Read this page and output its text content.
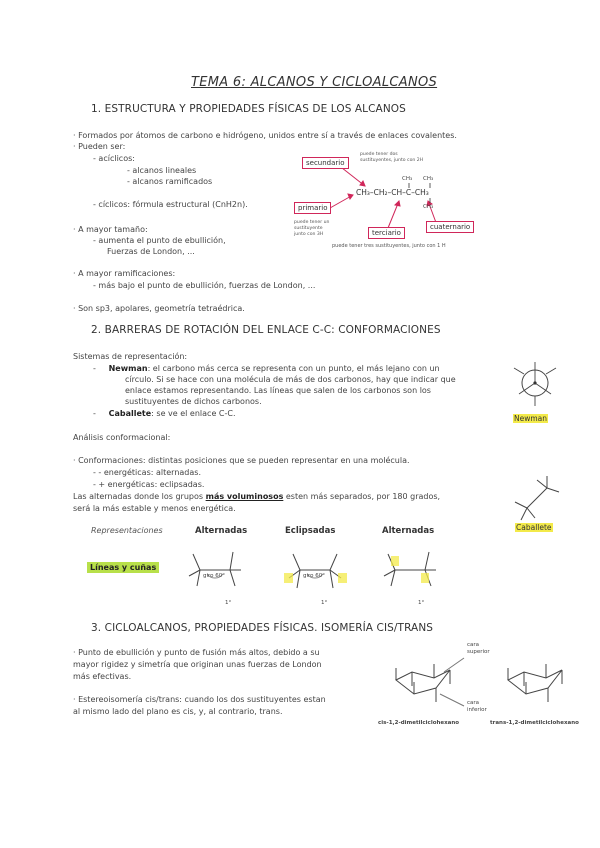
TEMA 6: ALCANOS Y CICLOALCANOS
1. ESTRUCTURA Y PROPIEDADES FÍSICAS DE LOS ALCANOS
· Formados por átomos de carbono e hidrógeno, unidos entre sí a través de enlaces covalentes.
· Pueden ser:
- acíclicos:
- alcanos lineales
- alcanos ramificados
- cíclicos: fórmula estructural (CnH2n).
· A mayor tamaño:
- aumenta el punto de ebullición,
Fuerzas de London, ...
· A mayor ramificaciones:
- más bajo el punto de ebullición, fuerzas de London, ...
· Son sp3, apolares, geometría tetraédrica.
secundario
puede tener dos
sustituyentes, junto con 2H
CH₃ CH₃
CH₃–CH₂–CH–C–CH₃
CH₃
primario
puede tener un
sustituyente
junto con 3H	terciario
cuaternario
puede tener tres sustituyentes, junto con 1 H
2. BARRERAS DE ROTACIÓN DEL ENLACE C-C: CONFORMACIONES
Sistemas de representación:
-     Newman: el carbono más cerca se representa con un punto, el más lejano con un
círculo. Si se hace con una molécula de más de dos carbonos, hay que indicar que
enlace estamos representando. Las líneas que salen de los carbonos son los
sustituyentes de dichos carbonos.
-     Caballete: se ve el enlace C-C.
Análisis conformacional:
· Conformaciones: distintas posiciones que se pueden representar en una molécula.
- - energéticas: alternadas.
- + energéticas: eclipsadas.
Las alternadas donde los grupos más voluminosos esten más separados, por 180 grados,
será la más estable y menos energética.
Newman
Caballete
Representaciones	Alternadas	Eclipsadas	Alternadas
Líneas y cuñas
giro 60°	giro 60°
1°	1°	1°
3. CICLOALCANOS, PROPIEDADES FÍSICAS. ISOMERÍA CIS/TRANS
· Punto de ebullición y punto de fusión más altos, debido a su
mayor rigidez y simetría que originan unas fuerzas de London
más efectivas.
· Estereoisomería cis/trans: cuando los dos sustituyentes estan
al mismo lado del plano es cis, y, al contrario, trans.
cara
superior
cara
inferior
cis-1,2-dimetilciclohexano	trans-1,2-dimetilciclohexano
